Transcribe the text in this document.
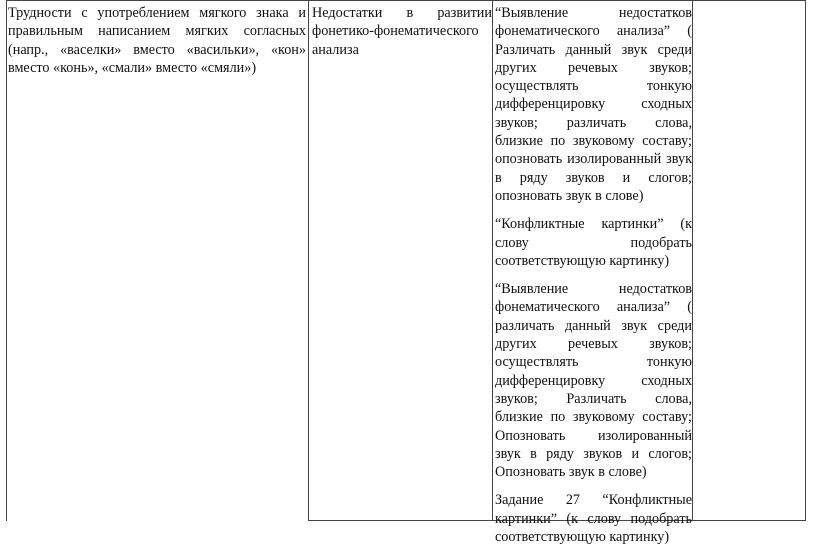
Трудности с употреблением мягкого знака и правильным написанием мягких согласных (напр., «васелки» вместо «васильки», «кон» вместо «конь», «смали» вместо «смяли»)

Недостатки в развитии фонетико-фонематического анализа

“Выявление недостатков фонематического анализа” ( Различать данный звук среди других речевых звуков; осуществлять тонкую дифференцировку сходных звуков; различать слова, близкие по звуковому составу; опозновать изолированный звук в ряду звуков и слогов; опозновать звук в слове)

“Конфликтные картинки” (к слову подобрать соответствующую картинку)

“Выявление недостатков фонематического анализа” ( различать данный звук среди других речевых звуков; осуществлять тонкую дифференцировку сходных звуков; Различать слова, близкие по звуковому составу; Опозновать изолированный звук в ряду звуков и слогов; Опозновать звук в слове)

Задание 27 “Конфликтные картинки” (к слову подобрать соответствующую картинку)
